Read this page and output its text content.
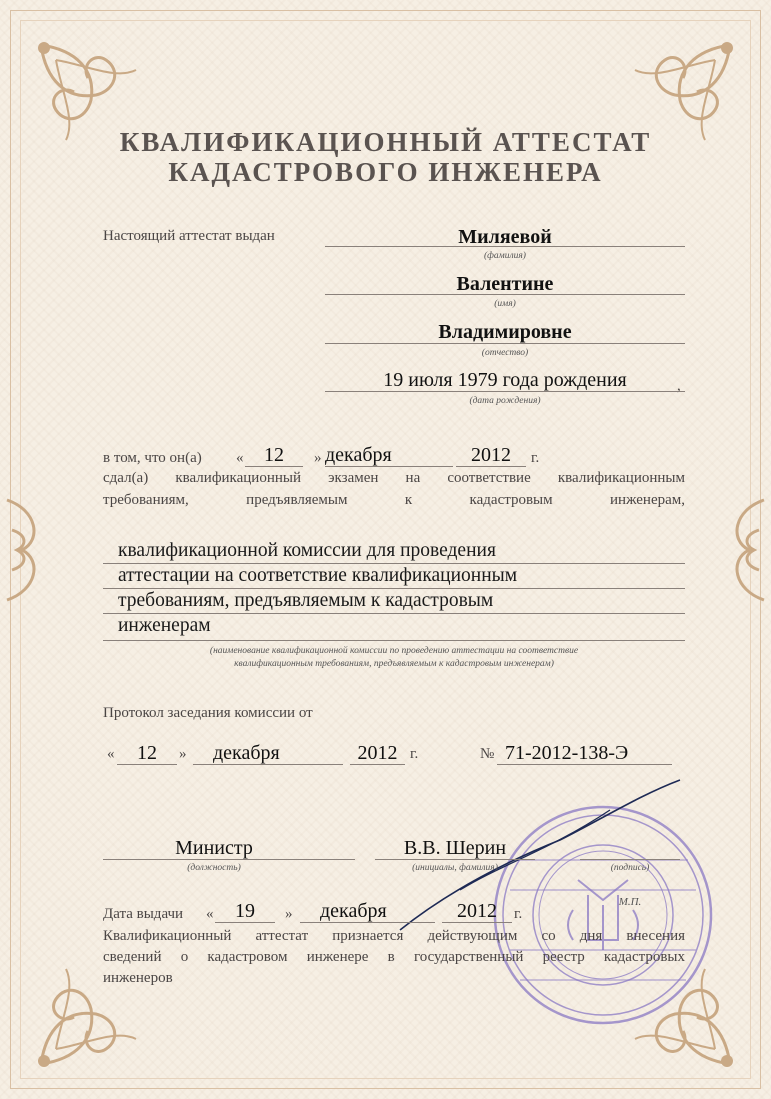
КВАЛИФИКАЦИОННЫЙ АТТЕСТАТ
КАДАСТРОВОГО ИНЖЕНЕРА
Настоящий аттестат выдан	Миляевой
(фамилия)
Валентине
(имя)
Владимировне
(отчество)
19 июля 1979 года рождения	,
(дата рождения)
в том, что он(а) «	12	» декабря	2012	г.
сдал(а) квалификационный экзамен на соответствие квалификационным
требованиям, предъявляемым к кадастровым инженерам,
квалификационной комиссии для проведения
аттестации на соответствие квалификационным
требованиям, предъявляемым к кадастровым
инженерам
(наименование квалификационной комиссии по проведению аттестации на соответствие
квалификационным требованиям, предъявляемым к кадастровым инженерам)
Протокол заседания комиссии от
«	12	»	декабря	2012 г.	№ 71-2012-138-Э
Министр
(должность)
В.В. Шерин
(инициалы, фамилия)	(подпись)
М.П.
Дата выдачи «	19	»	декабря	2012	г.
Квалификационный аттестат признается действующим со дня внесения
сведений о кадастровом инженере в государственный реестр кадастровых
инженеров
